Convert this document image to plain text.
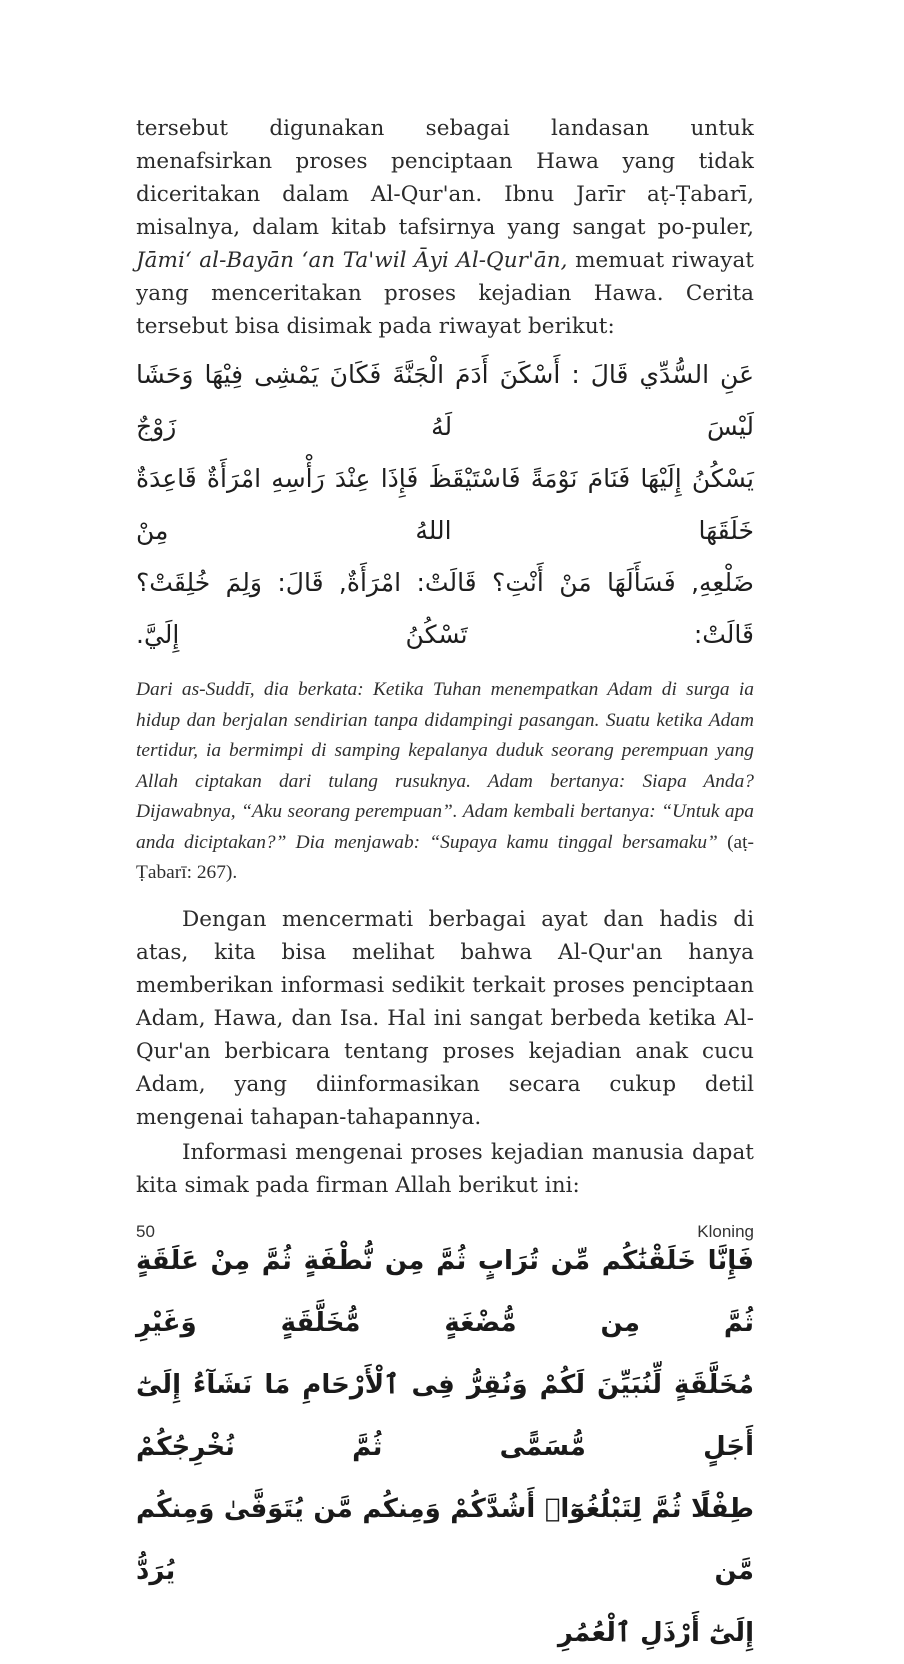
tersebut digunakan sebagai landasan untuk menafsirkan proses penciptaan Hawa yang tidak diceritakan dalam Al-Qur'an. Ibnu Jarīr aṭ-Ṭabarī, misalnya, dalam kitab tafsirnya yang sangat po-puler, Jāmi‘ al-Bayān ‘an Ta'wil Āyi Al-Qur'ān, memuat riwayat yang menceritakan proses kejadian Hawa. Cerita tersebut bisa disimak pada riwayat berikut:

عَنِ السُّدِّي قَالَ : أَسْكَنَ أَدَمَ الْجَنَّةَ فَكَانَ يَمْشِى فِيْهَا وَحَشَا لَيْسَ لَهُ زَوْجٌ
يَسْكُنُ إِلَيْهَا فَنَامَ نَوْمَةً فَاسْتَيْقَظَ فَإِذَا عِنْدَ رَأْسِهِ امْرَأَةٌ قَاعِدَةٌ خَلَقَهَا اللهُ مِنْ
ضَلْعِهِ, فَسَأَلَهَا مَنْ أَنْتِ؟ قَالَتْ: امْرَأَةٌ, قَالَ: وَلِمَ خُلِقَتْ؟ قَالَتْ: تَسْكُنُ إِلَيَّ.

Dari as-Suddī, dia berkata: Ketika Tuhan menempatkan Adam di surga ia hidup dan berjalan sendirian tanpa didampingi pasangan. Suatu ketika Adam tertidur, ia bermimpi di samping kepalanya duduk seorang perempuan yang Allah ciptakan dari tulang rusuknya. Adam bertanya: Siapa Anda? Dijawabnya, “Aku seorang perempuan”. Adam kembali bertanya: “Untuk apa anda diciptakan?” Dia menjawab: “Supaya kamu tinggal bersamaku” (aṭ-Ṭabarī: 267).

Dengan mencermati berbagai ayat dan hadis di atas, kita bisa melihat bahwa Al-Qur'an hanya memberikan informasi sedikit terkait proses penciptaan Adam, Hawa, dan Isa. Hal ini sangat berbeda ketika Al-Qur'an berbicara tentang proses kejadian anak cucu Adam, yang diinformasikan secara cukup detil mengenai tahapan-tahapannya.

Informasi mengenai proses kejadian manusia dapat kita simak pada firman Allah berikut ini:

فَإِنَّا خَلَقْنَٰكُم مِّن تُرَابٍ ثُمَّ مِن نُّطْفَةٍ ثُمَّ مِنْ عَلَقَةٍ ثُمَّ مِن مُّضْغَةٍ مُّخَلَّقَةٍ وَغَيْرِ
مُخَلَّقَةٍ لِّنُبَيِّنَ لَكُمْ وَنُقِرُّ فِى ٱلْأَرْحَامِ مَا نَشَآءُ إِلَىٰٓ أَجَلٍ مُّسَمًّى ثُمَّ نُخْرِجُكُمْ
طِفْلًا ثُمَّ لِتَبْلُغُوٓا۟ أَشُدَّكُمْ وَمِنكُم مَّن يُتَوَفَّىٰ وَمِنكُم مَّن يُرَدُّ
إِلَىٰٓ أَرْذَلِ ٱلْعُمُرِ
50	Kloning
